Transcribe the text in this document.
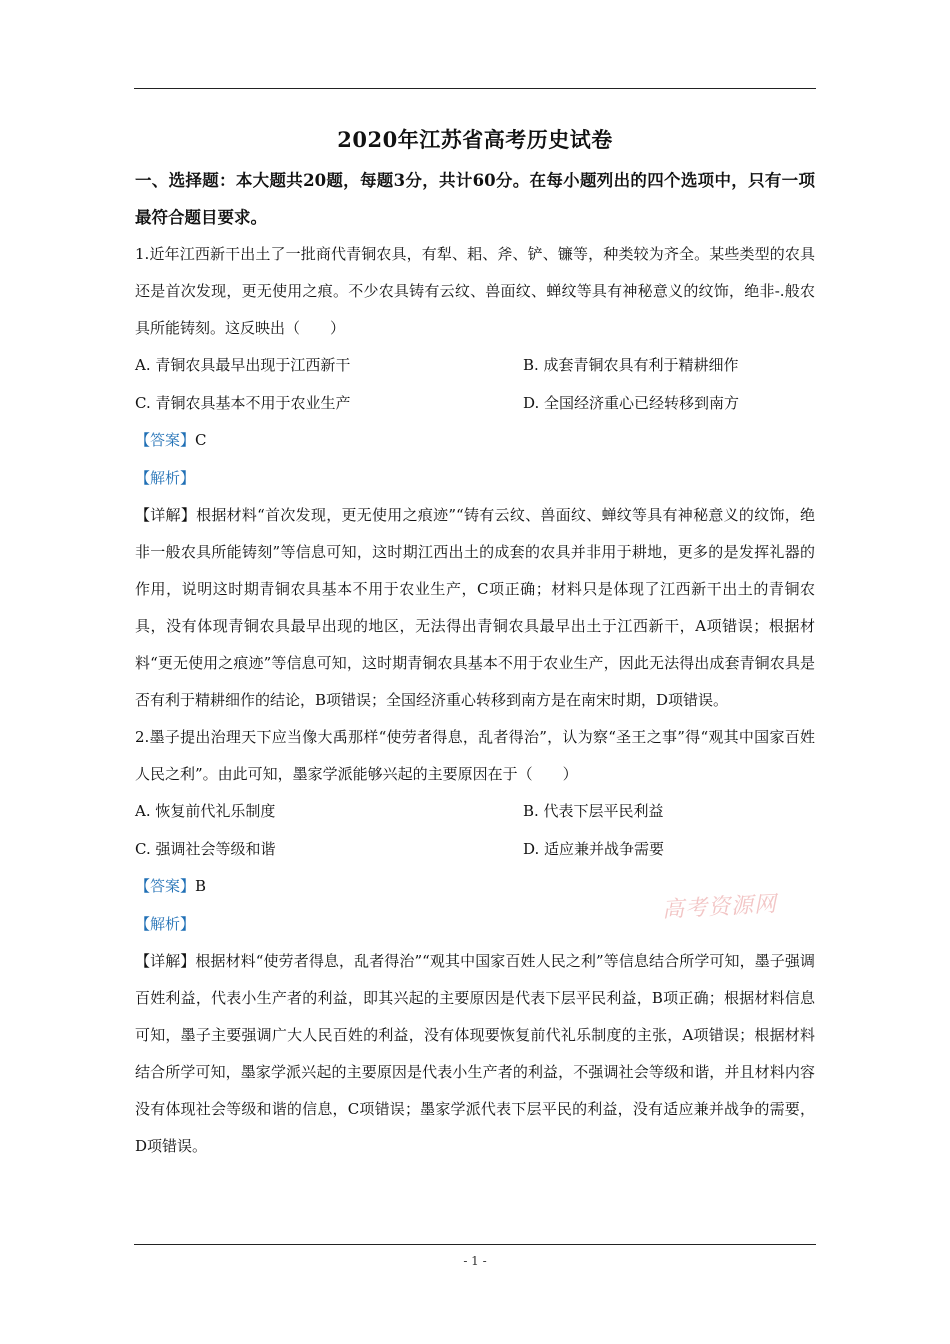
2020年江苏省高考历史试卷

一、选择题：本大题共20题，每题3分，共计60分。在每小题列出的四个选项中，只有一项最符合题目要求。

1.近年江西新干出土了一批商代青铜农具，有犁、耜、斧、铲、镰等，种类较为齐全。某些类型的农具还是首次发现，更无使用之痕。不少农具铸有云纹、兽面纹、蝉纹等具有神秘意义的纹饰，绝非-.般农具所能铸刻。这反映出（　　）

A. 青铜农具最早出现于江西新干	B. 成套青铜农具有利于精耕细作
C. 青铜农具基本不用于农业生产	D. 全国经济重心已经转移到南方

【答案】C

【解析】

【详解】根据材料“首次发现，更无使用之痕迹”“铸有云纹、兽面纹、蝉纹等具有神秘意义的纹饰，绝非一般农具所能铸刻”等信息可知，这时期江西出土的成套的农具并非用于耕地，更多的是发挥礼器的作用，说明这时期青铜农具基本不用于农业生产，C项正确；材料只是体现了江西新干出土的青铜农具，没有体现青铜农具最早出现的地区，无法得出青铜农具最早出土于江西新干，A项错误；根据材料“更无使用之痕迹”等信息可知，这时期青铜农具基本不用于农业生产，因此无法得出成套青铜农具是否有利于精耕细作的结论，B项错误；全国经济重心转移到南方是在南宋时期，D项错误。

2.墨子提出治理天下应当像大禹那样“使劳者得息，乱者得治”，认为察“圣王之事”得“观其中国家百姓人民之利”。由此可知，墨家学派能够兴起的主要原因在于（　　）

A. 恢复前代礼乐制度	B. 代表下层平民利益
C. 强调社会等级和谐	D. 适应兼并战争需要

【答案】B

【解析】

【详解】根据材料“使劳者得息，乱者得治”“观其中国家百姓人民之利”等信息结合所学可知，墨子强调百姓利益，代表小生产者的利益，即其兴起的主要原因是代表下层平民利益，B项正确；根据材料信息可知，墨子主要强调广大人民百姓的利益，没有体现要恢复前代礼乐制度的主张，A项错误；根据材料结合所学可知，墨家学派兴起的主要原因是代表小生产者的利益，不强调社会等级和谐，并且材料内容没有体现社会等级和谐的信息，C项错误；墨家学派代表下层平民的利益，没有适应兼并战争的需要，D项错误。

高考资源网
- 1 -
